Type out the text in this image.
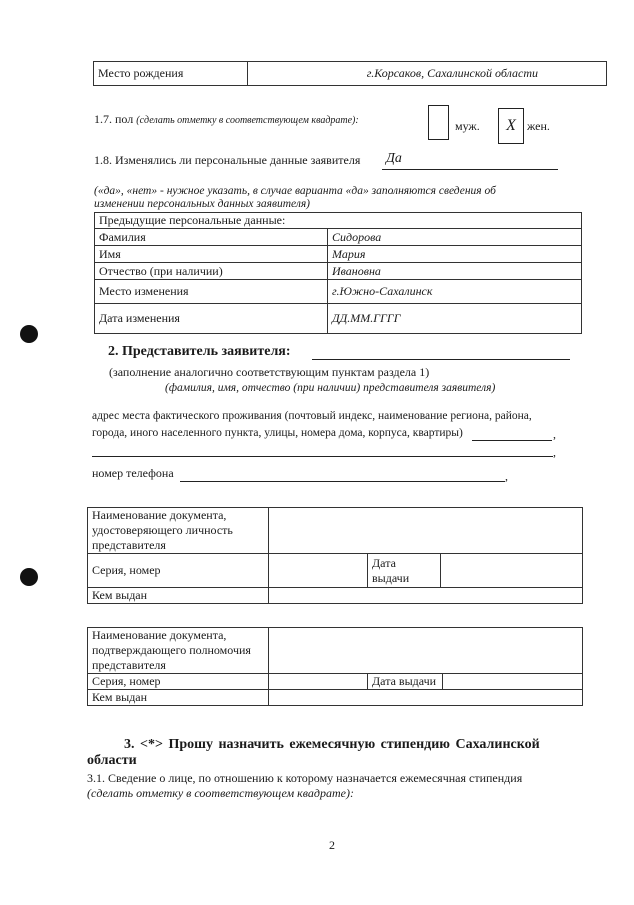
Место рождения	г.Корсаков, Сахалинской области
1.7. пол (сделать отметку в соответствующем квадрате):	муж.	X жен.
1.8. Изменялись ли персональные данные заявителя Да
(«да», «нет» - нужное указать, в случае варианта «да» заполняются сведения об
изменении персональных данных заявителя)
Предыдущие персональные данные:	
Фамилия	Сидорова
Имя	Мария
Отчество (при наличии)	Ивановна
Место изменения	г.Южно-Сахалинск
Дата изменения	ДД.ММ.ГГГГ
2. Представитель заявителя:
(заполнение аналогично соответствующим пунктам раздела 1)
(фамилия, имя, отчество (при наличии) представителя заявителя)
адрес места фактического проживания (почтовый индекс, наименование региона, района,
города, иного населенного пункта, улицы, номера дома, корпуса, квартиры)	,
,
номер телефона	,
Наименование документа, удостоверяющего личность представителя			
Серия, номер		Дата выдачи	
Кем выдан			
Наименование документа, подтверждающего полномочия представителя			
Серия, номер		Дата выдачи	
Кем выдан			
3. <*> Прошу назначить ежемесячную стипендию Сахалинской
области
3.1. Сведение о лице, по отношению к которому назначается ежемесячная стипендия
(сделать отметку в соответствующем квадрате):
2
